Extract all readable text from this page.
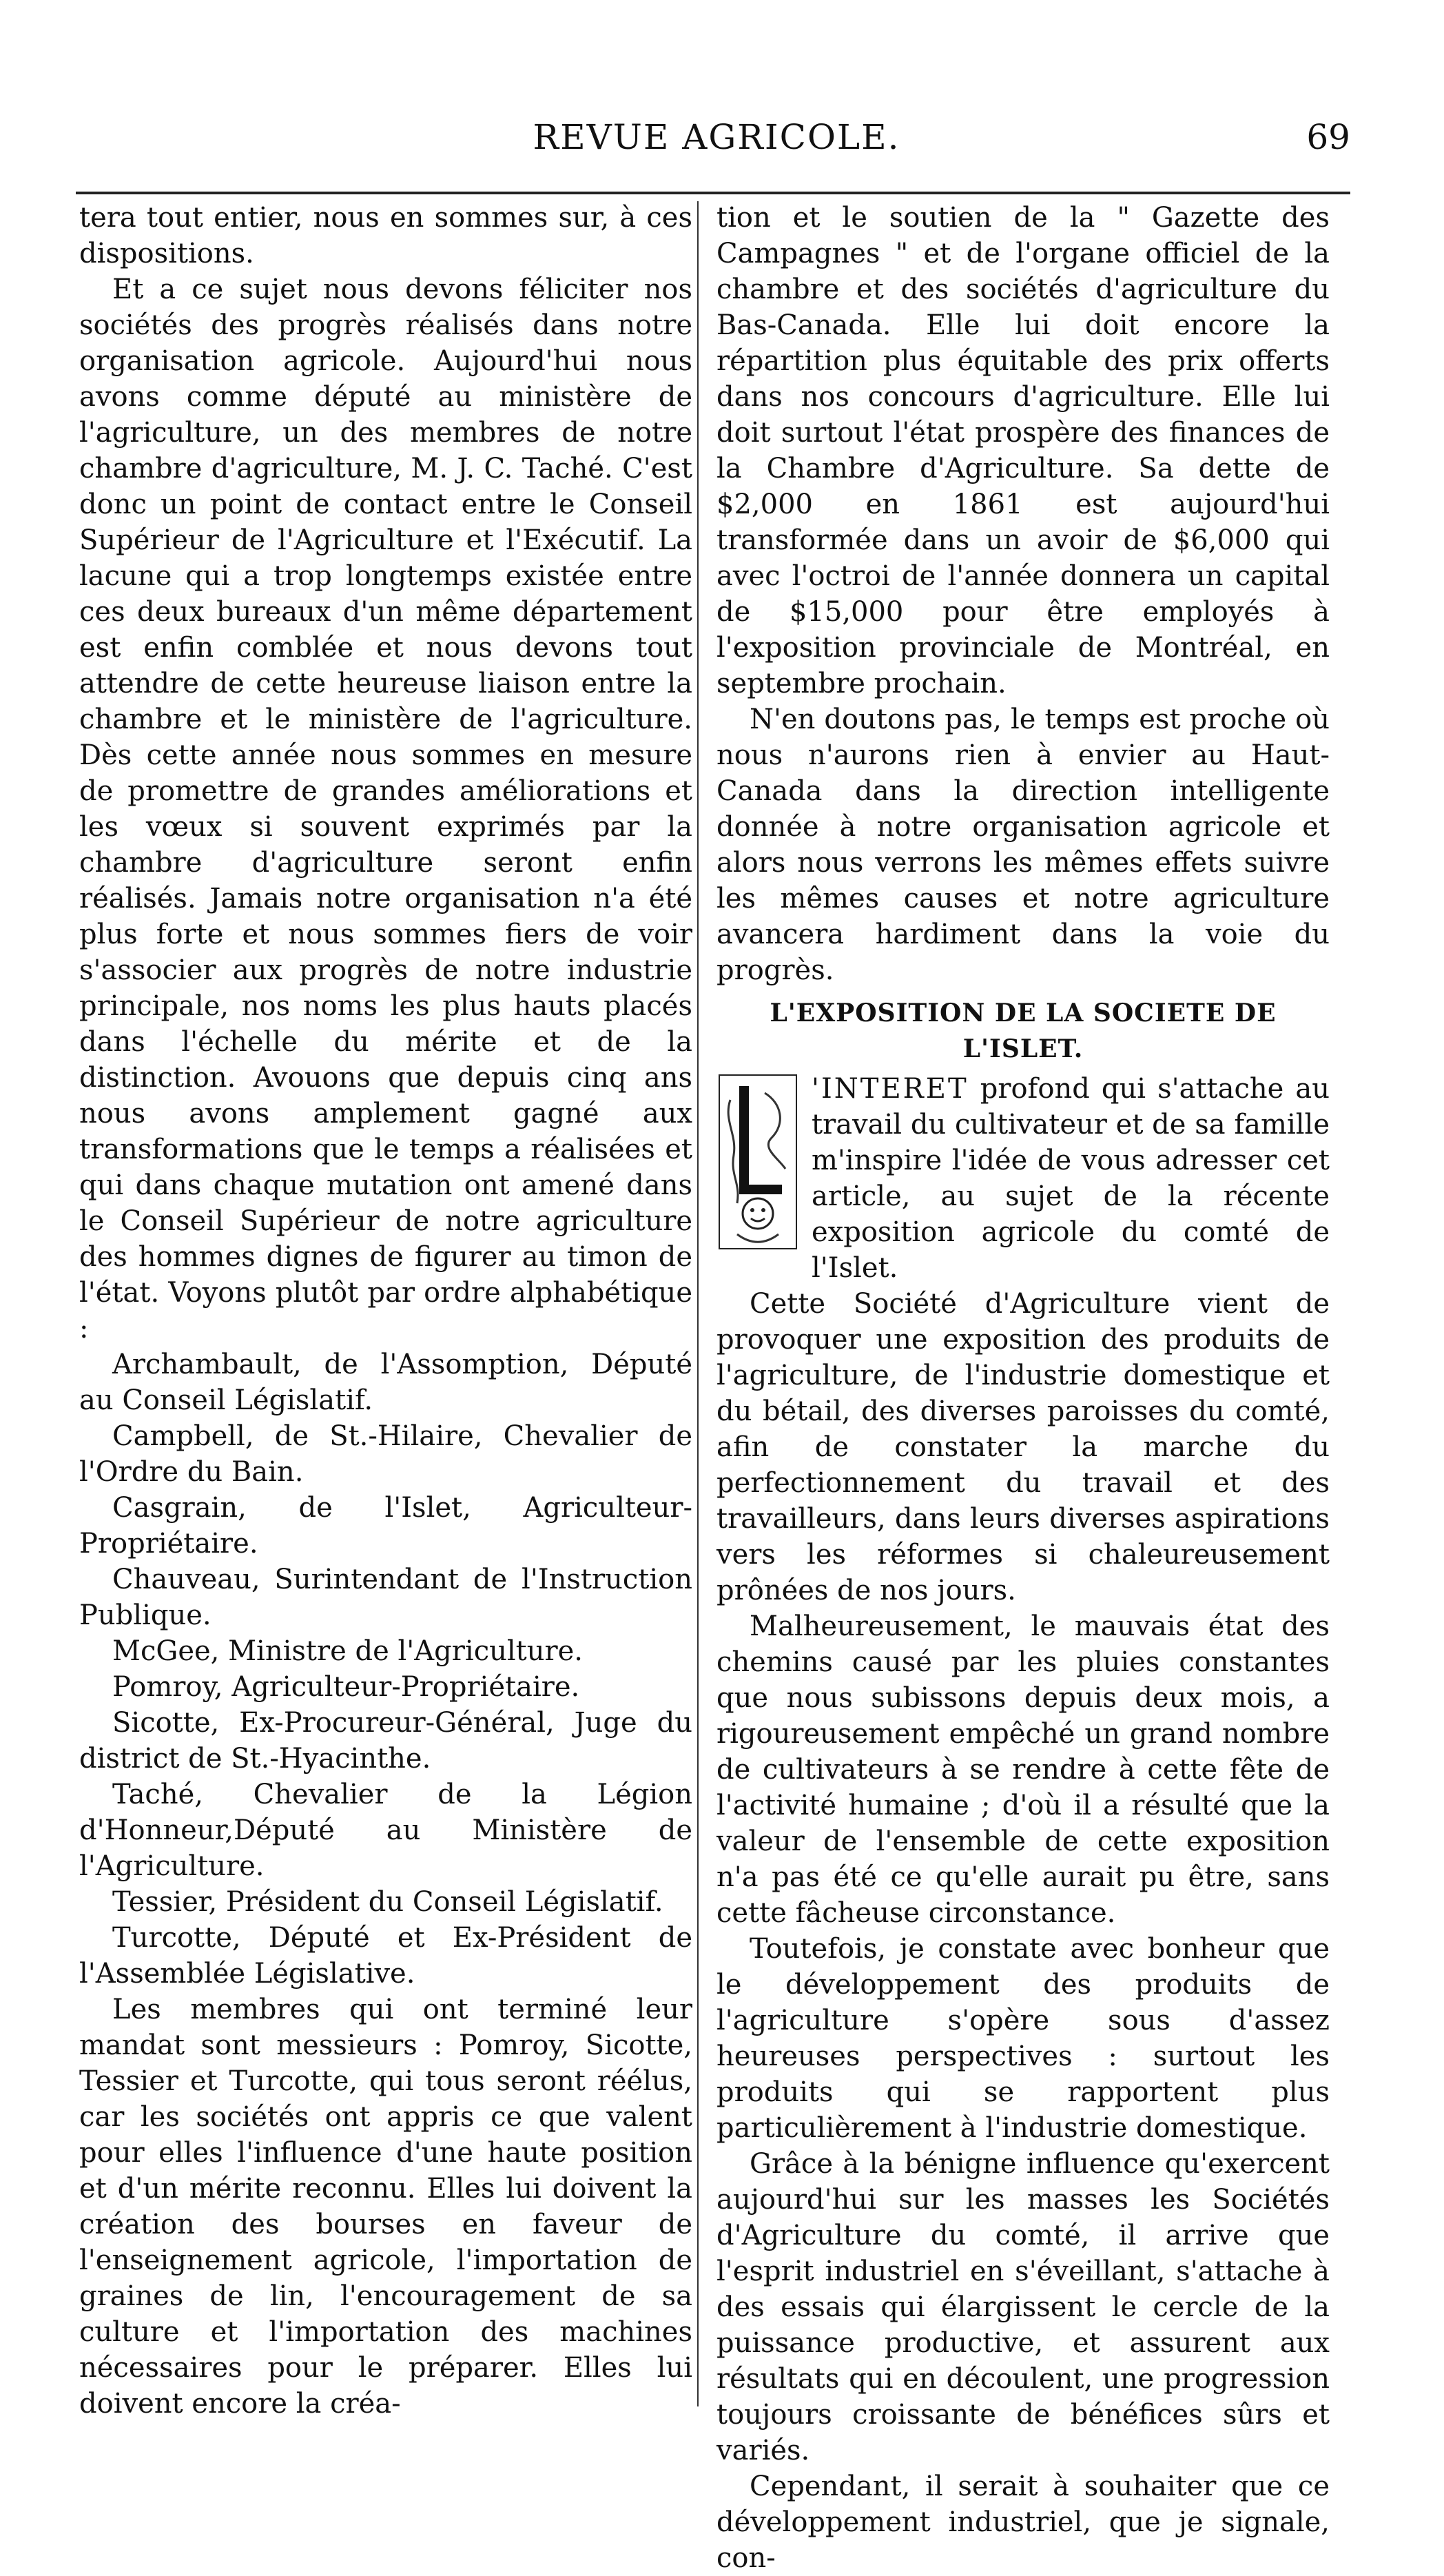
REVUE AGRICOLE.	69

tera tout entier, nous en sommes sur, à ces dispositions.

Et a ce sujet nous devons féliciter nos sociétés des progrès réalisés dans notre organisation agricole. Aujourd'hui nous avons comme député au ministère de l'agriculture, un des membres de notre chambre d'agriculture, M. J. C. Taché. C'est donc un point de contact entre le Conseil Supérieur de l'Agriculture et l'Exécutif. La lacune qui a trop longtemps existée entre ces deux bureaux d'un même département est enfin comblée et nous devons tout attendre de cette heureuse liaison entre la chambre et le ministère de l'agriculture. Dès cette année nous sommes en mesure de promettre de grandes améliorations et les vœux si souvent exprimés par la chambre d'agriculture seront enfin réalisés. Jamais notre organisation n'a été plus forte et nous sommes fiers de voir s'associer aux progrès de notre industrie principale, nos noms les plus hauts placés dans l'échelle du mérite et de la distinction. Avouons que depuis cinq ans nous avons amplement gagné aux transformations que le temps a réalisées et qui dans chaque mutation ont amené dans le Conseil Supérieur de notre agriculture des hommes dignes de figurer au timon de l'état. Voyons plutôt par ordre alphabétique :

Archambault, de l'Assomption, Député au Conseil Législatif.

Campbell, de St.-Hilaire, Chevalier de l'Ordre du Bain.

Casgrain, de l'Islet, Agriculteur-Propriétaire.

Chauveau, Surintendant de l'Instruction Publique.

McGee, Ministre de l'Agriculture.

Pomroy, Agriculteur-Propriétaire.

Sicotte, Ex-Procureur-Général, Juge du district de St.-Hyacinthe.

Taché, Chevalier de la Légion d'Honneur,Député au Ministère de l'Agriculture.

Tessier, Président du Conseil Législatif.

Turcotte, Député et Ex-Président de l'Assemblée Législative.

Les membres qui ont terminé leur mandat sont messieurs : Pomroy, Sicotte, Tessier et Turcotte, qui tous seront réélus, car les sociétés ont appris ce que valent pour elles l'influence d'une haute position et d'un mérite reconnu. Elles lui doivent la création des bourses en faveur de l'enseignement agricole, l'importation de graines de lin, l'encouragement de sa culture et l'importation des machines nécessaires pour le préparer. Elles lui doivent encore la créa-

tion et le soutien de la " Gazette des Campagnes " et de l'organe officiel de la chambre et des sociétés d'agriculture du Bas-Canada. Elle lui doit encore la répartition plus équitable des prix offerts dans nos concours d'agriculture. Elle lui doit surtout l'état prospère des finances de la Chambre d'Agriculture. Sa dette de $2,000 en 1861 est aujourd'hui transformée dans un avoir de $6,000 qui avec l'octroi de l'année donnera un capital de $15,000 pour être employés à l'exposition provinciale de Montréal, en septembre prochain.

N'en doutons pas, le temps est proche où nous n'aurons rien à envier au Haut-Canada dans la direction intelligente donnée à notre organisation agricole et alors nous verrons les mêmes effets suivre les mêmes causes et notre agriculture avancera hardiment dans la voie du progrès.

L'EXPOSITION DE LA SOCIETE DE L'ISLET.

'INTERET profond qui s'attache au travail du cultivateur et de sa famille m'inspire l'idée de vous adresser cet article, au sujet de la récente exposition agricole du comté de l'Islet.

Cette Société d'Agriculture vient de provoquer une exposition des produits de l'agriculture, de l'industrie domestique et du bétail, des diverses paroisses du comté, afin de constater la marche du perfectionnement du travail et des travailleurs, dans leurs diverses aspirations vers les réformes si chaleureusement prônées de nos jours.

Malheureusement, le mauvais état des chemins causé par les pluies constantes que nous subissons depuis deux mois, a rigoureusement empêché un grand nombre de cultivateurs à se rendre à cette fête de l'activité humaine ; d'où il a résulté que la valeur de l'ensemble de cette exposition n'a pas été ce qu'elle aurait pu être, sans cette fâcheuse circonstance.

Toutefois, je constate avec bonheur que le développement des produits de l'agriculture s'opère sous d'assez heureuses perspectives : surtout les produits qui se rapportent plus particulièrement à l'industrie domestique.

Grâce à la bénigne influence qu'exercent aujourd'hui sur les masses les Sociétés d'Agriculture du comté, il arrive que l'esprit industriel en s'éveillant, s'attache à des essais qui élargissent le cercle de la puissance productive, et assurent aux résultats qui en découlent, une progression toujours croissante de bénéfices sûrs et variés.

Cependant, il serait à souhaiter que ce développement industriel, que je signale, con-
